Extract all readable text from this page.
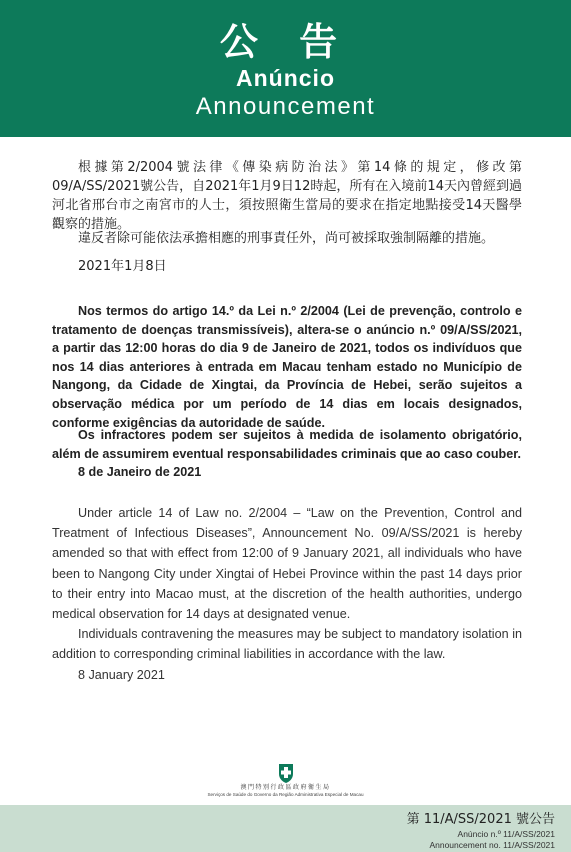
公 告
Anúncio
Announcement

根據第2/2004號法律《傳染病防治法》第14條的規定，修改第09/A/SS/2021號公告，自2021年1月9日12時起，所有在入境前14天內曾經到過河北省邢台市之南宮市的人士，須按照衛生當局的要求在指定地點接受14天醫學觀察的措施。

違反者除可能依法承擔相應的刑事責任外，尚可被採取強制隔離的措施。

2021年1月8日

Nos termos do artigo 14.º da Lei n.º 2/2004 (Lei de prevenção, controlo e tratamento de doenças transmissíveis), altera-se o anúncio n.º 09/A/SS/2021, a partir das 12:00 horas do dia 9 de Janeiro de 2021, todos os indivíduos que nos 14 dias anteriores à entrada em Macau tenham estado no Município de Nangong, da Cidade de Xingtai, da Província de Hebei, serão sujeitos a observação médica por um período de 14 dias em locais designados, conforme exigências da autoridade de saúde.

Os infractores podem ser sujeitos à medida de isolamento obrigatório, além de assumirem eventual responsabilidades criminais que ao caso couber.

8 de Janeiro de 2021

Under article 14 of Law no. 2/2004 – “Law on the Prevention, Control and Treatment of Infectious Diseases”, Announcement No. 09/A/SS/2021 is hereby amended so that with effect from 12:00 of 9 January 2021, all individuals who have been to Nangong City under Xingtai of Hebei Province within the past 14 days prior to their entry into Macao must, at the discretion of the health authorities, undergo medical observation for 14 days at designated venue.

Individuals contravening the measures may be subject to mandatory isolation in addition to corresponding criminal liabilities in accordance with the law.

8 January 2021

澳門特別行政區政府衛生局
Serviços de Saúde do Governo da Região Administrativa Especial de Macau
第 11/A/SS/2021 號公告
Anúncio n.º 11/A/SS/2021
Announcement no. 11/A/SS/2021
